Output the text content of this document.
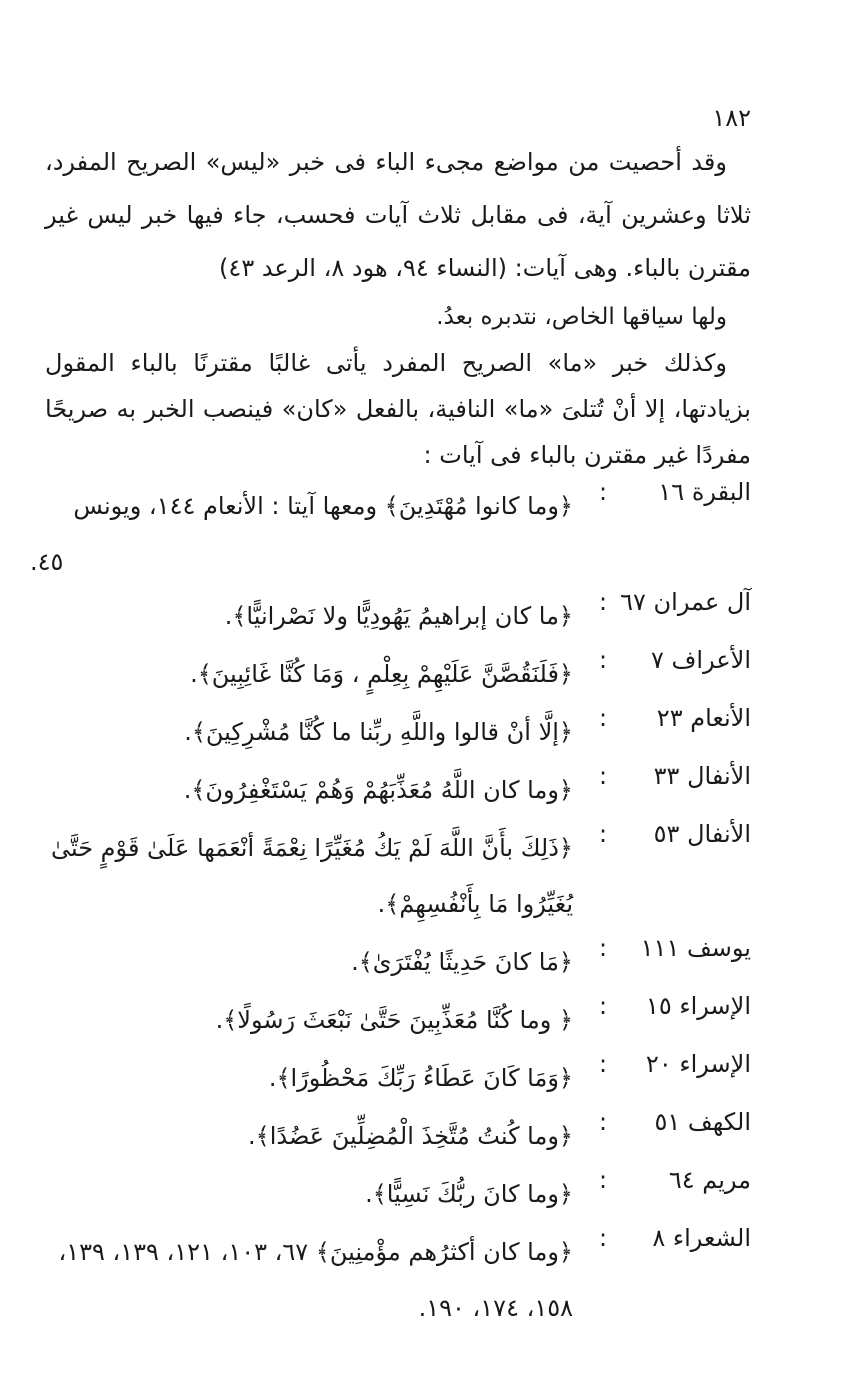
١٨٢
وقد أحصيت من مواضع مجىء الباء فى خبر «ليس» الصريح المفرد، ثلاثا وعشرين آية، فى مقابل ثلاث آيات فحسب، جاء فيها خبر ليس غير مقترن بالباء. وهى آيات: (النساء ٩٤، هود ٨، الرعد ٤٣)
ولها سياقها الخاص، نتدبره بعدُ.
وكذلك خبر «ما» الصريح المفرد يأتى غالبًا مقترنًا بالباء المقول بزيادتها، إلا أنْ تُتلىَ «ما» النافية، بالفعل «كان» فينصب الخبر به صريحًا مفردًا غير مقترن بالباء فى آيات :
البقرة ١٦
:
﴿وما كانوا مُهْتَدِينَ﴾ ومعها آيتا : الأنعام ١٤٤، ويونس
٤٥.
آل عمران ٦٧
:
﴿ما كان إبراهيمُ يَهُودِيًّا ولا نَصْرانيًّا﴾.
الأعراف ٧
:
﴿فَلَنَقُصَّنَّ عَلَيْهِمْ بِعِلْمٍ ، وَمَا كُنَّا غَائِبِينَ﴾.
الأنعام ٢٣
:
﴿إلَّا أنْ قالوا واللَّهِ ربِّنا ما كُنَّا مُشْرِكِينَ﴾.
الأنفال ٣٣
:
﴿وما كان اللَّهُ مُعَذِّبَهُمْ وَهُمْ يَسْتَغْفِرُونَ﴾.
الأنفال ٥٣
:
﴿ذَلِكَ بأَنَّ اللَّهَ لَمْ يَكُ مُغَيِّرًا نِعْمَةً أنْعَمَها عَلَىٰ قَوْمٍ حَتَّىٰ
يُغَيِّرُوا مَا بِأَنْفُسِهِمْ﴾.
يوسف ١١١
:
﴿مَا كانَ حَدِيثًا يُفْتَرَىٰ﴾.
الإسراء ١٥
:
﴿ وما كُنَّا مُعَذِّبِينَ حَتَّىٰ نَبْعَثَ رَسُولًا﴾.
الإسراء ٢٠
:
﴿وَمَا كَانَ عَطَاءُ رَبِّكَ مَحْظُورًا﴾.
الكهف ٥١
:
﴿وما كُنتُ مُتَّخِذَ الْمُضِلِّينَ عَضُدًا﴾.
مريم ٦٤
:
﴿وما كانَ ربُّكَ نَسِيًّا﴾.
الشعراء ٨
:
﴿وما كان أكثرُهم مؤْمنِينَ﴾ ٦٧، ١٠٣، ١٢١، ١٣٩، ١٣٩،
١٥٨، ١٧٤، ١٩٠.
